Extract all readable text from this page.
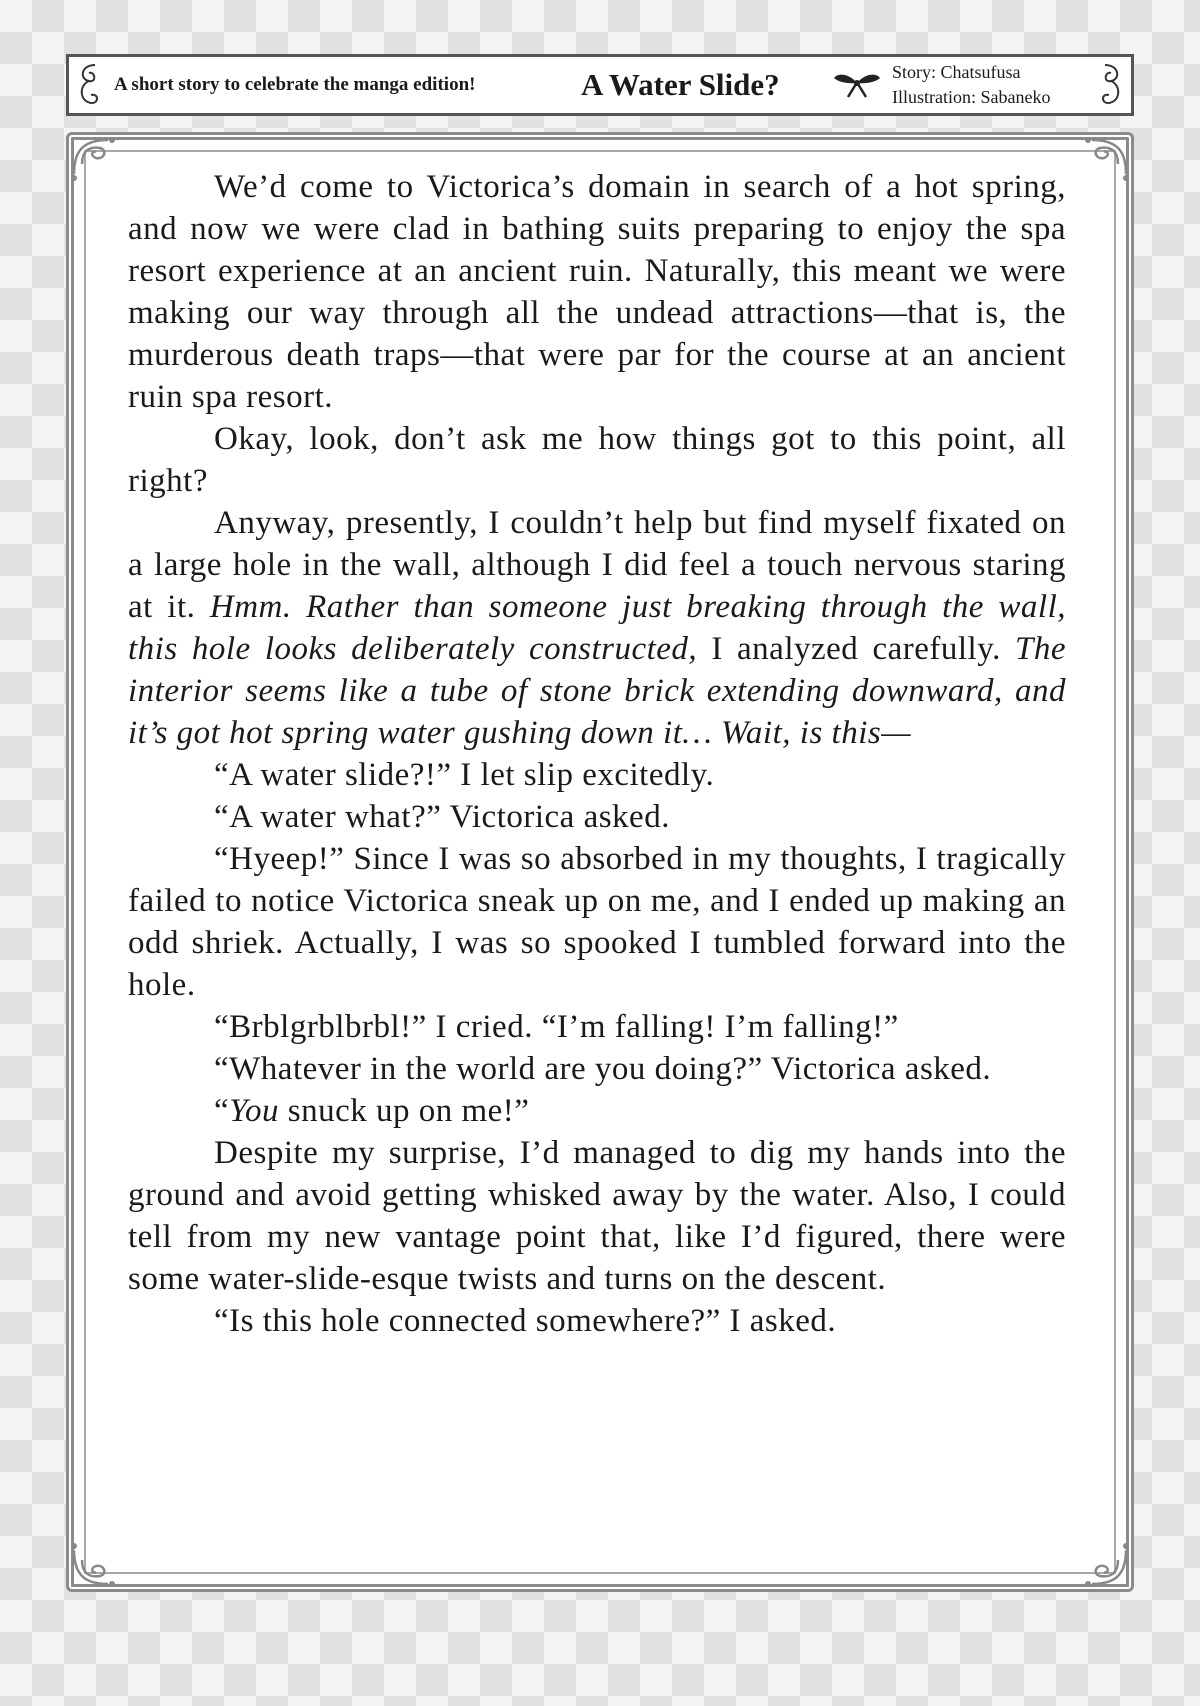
A short story to celebrate the manga edition!	A Water Slide?	Story: Chatsufusa
Illustration: Sabaneko

We’d come to Victorica’s domain in search of a hot spring, and now we were clad in bathing suits preparing to enjoy the spa resort experience at an ancient ruin. Naturally, this meant we were making our way through all the undead attractions—that is, the murderous death traps—that were par for the course at an ancient ruin spa resort.

Okay, look, don’t ask me how things got to this point, all right?

Anyway, presently, I couldn’t help but find myself fixated on a large hole in the wall, although I did feel a touch nervous staring at it. Hmm. Rather than someone just breaking through the wall, this hole looks deliberately constructed, I analyzed carefully. The interior seems like a tube of stone brick extending downward, and it’s got hot spring water gushing down it… Wait, is this—

“A water slide?!” I let slip excitedly.

“A water what?” Victorica asked.

“Hyeep!” Since I was so absorbed in my thoughts, I tragically failed to notice Victorica sneak up on me, and I ended up making an odd shriek. Actually, I was so spooked I tumbled forward into the hole.

“Brblgrblbrbl!” I cried. “I’m falling! I’m falling!”

“Whatever in the world are you doing?” Victorica asked.

“You snuck up on me!”

Despite my surprise, I’d managed to dig my hands into the ground and avoid getting whisked away by the water. Also, I could tell from my new vantage point that, like I’d figured, there were some water-slide-esque twists and turns on the descent.

“Is this hole connected somewhere?” I asked.
